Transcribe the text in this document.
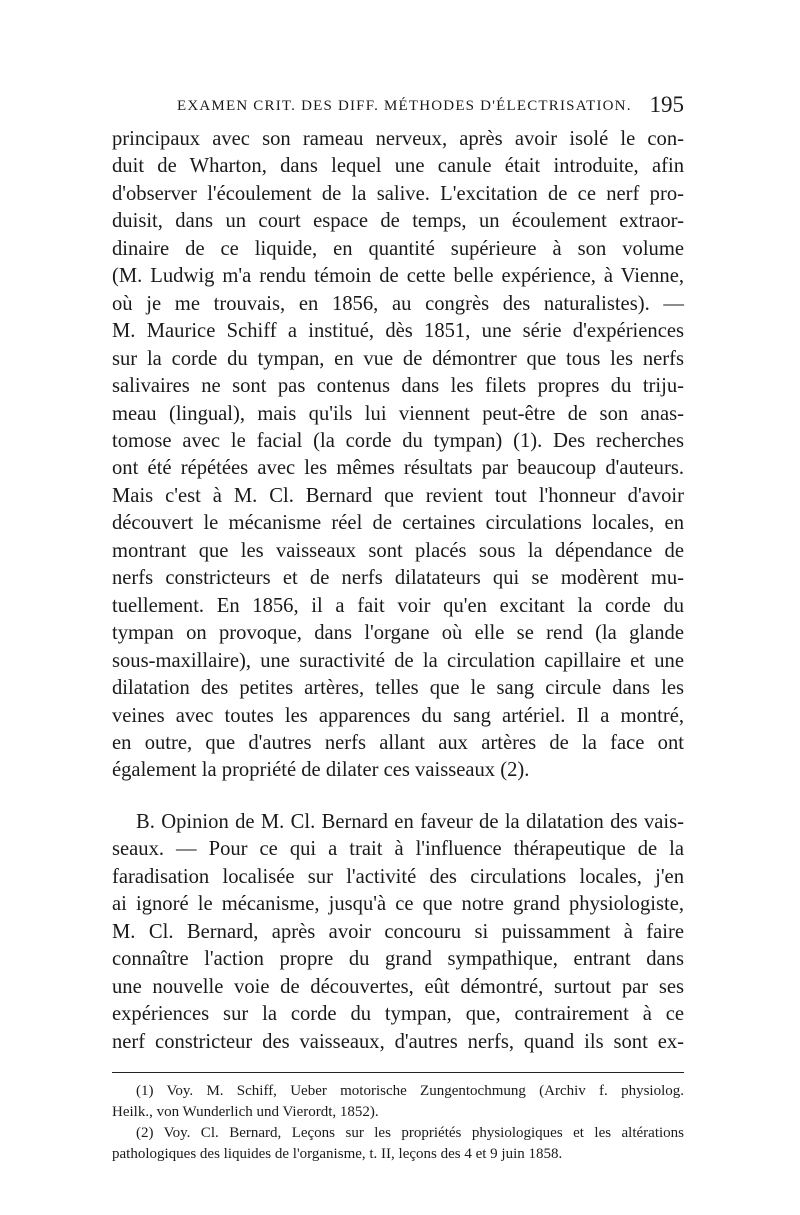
EXAMEN CRIT. DES DIFF. MÉTHODES D'ÉLECTRISATION. 195
principaux avec son rameau nerveux, après avoir isolé le con-
duit de Wharton, dans lequel une canule était introduite, afin
d'observer l'écoulement de la salive. L'excitation de ce nerf pro-
duisit, dans un court espace de temps, un écoulement extraor-
dinaire de ce liquide, en quantité supérieure à son volume
(M. Ludwig m'a rendu témoin de cette belle expérience, à Vienne,
où je me trouvais, en 1856, au congrès des naturalistes). —
M. Maurice Schiff a institué, dès 1851, une série d'expériences
sur la corde du tympan, en vue de démontrer que tous les nerfs
salivaires ne sont pas contenus dans les filets propres du triju-
meau (lingual), mais qu'ils lui viennent peut-être de son anas-
tomose avec le facial (la corde du tympan) (1). Des recherches
ont été répétées avec les mêmes résultats par beaucoup d'auteurs.
Mais c'est à M. Cl. Bernard que revient tout l'honneur d'avoir
découvert le mécanisme réel de certaines circulations locales, en
montrant que les vaisseaux sont placés sous la dépendance de
nerfs constricteurs et de nerfs dilatateurs qui se modèrent mu-
tuellement. En 1856, il a fait voir qu'en excitant la corde du
tympan on provoque, dans l'organe où elle se rend (la glande
sous-maxillaire), une suractivité de la circulation capillaire et une
dilatation des petites artères, telles que le sang circule dans les
veines avec toutes les apparences du sang artériel. Il a montré,
en outre, que d'autres nerfs allant aux artères de la face ont
également la propriété de dilater ces vaisseaux (2).
B. Opinion de M. Cl. Bernard en faveur de la dilatation des vais-
seaux. — Pour ce qui a trait à l'influence thérapeutique de la
faradisation localisée sur l'activité des circulations locales, j'en
ai ignoré le mécanisme, jusqu'à ce que notre grand physiologiste,
M. Cl. Bernard, après avoir concouru si puissamment à faire
connaître l'action propre du grand sympathique, entrant dans
une nouvelle voie de découvertes, eût démontré, surtout par ses
expériences sur la corde du tympan, que, contrairement à ce
nerf constricteur des vaisseaux, d'autres nerfs, quand ils sont ex-
(1) Voy. M. Schiff, Ueber motorische Zungentochmung (Archiv f. physiolog.
Heilk., von Wunderlich und Vierordt, 1852).
(2) Voy. Cl. Bernard, Leçons sur les propriétés physiologiques et les altérations
pathologiques des liquides de l'organisme, t. II, leçons des 4 et 9 juin 1858.
